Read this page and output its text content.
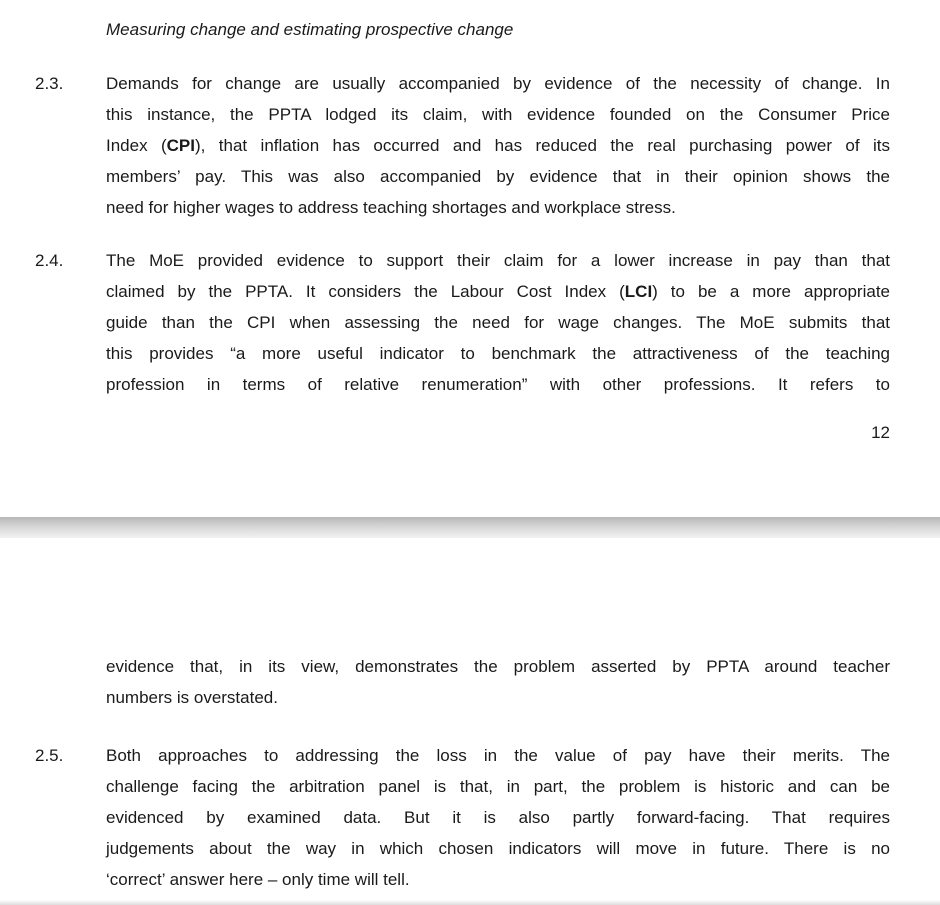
Measuring change and estimating prospective change
2.3.	Demands for change are usually accompanied by evidence of the necessity of change. In
this instance, the PPTA lodged its claim, with evidence founded on the Consumer Price
Index (CPI), that inflation has occurred and has reduced the real purchasing power of its
members’ pay. This was also accompanied by evidence that in their opinion shows the
need for higher wages to address teaching shortages and workplace stress.
2.4.	The MoE provided evidence to support their claim for a lower increase in pay than that
claimed by the PPTA. It considers the Labour Cost Index (LCI) to be a more appropriate
guide than the CPI when assessing the need for wage changes. The MoE submits that
this provides “a more useful indicator to benchmark the attractiveness of the teaching
profession in terms of relative renumeration” with other professions. It refers to
12
evidence that, in its view, demonstrates the problem asserted by PPTA around teacher
numbers is overstated.
2.5.	Both approaches to addressing the loss in the value of pay have their merits. The
challenge facing the arbitration panel is that, in part, the problem is historic and can be
evidenced by examined data. But it is also partly forward-facing. That requires
judgements about the way in which chosen indicators will move in future. There is no
‘correct’ answer here – only time will tell.
